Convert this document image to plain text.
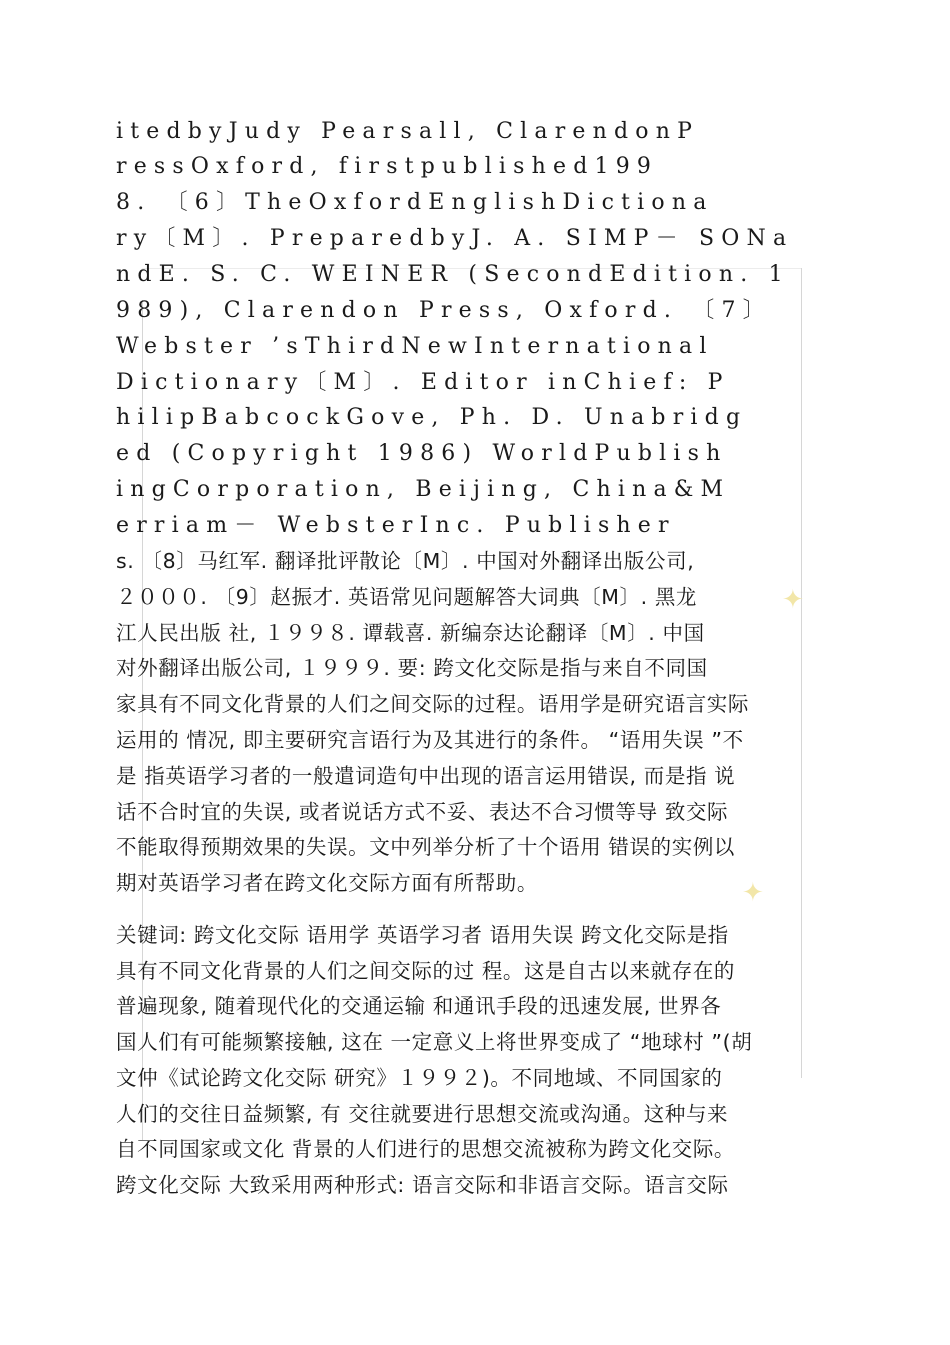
✦
✦
itedbyJudy Pearsall, ClarendonP
ressOxford, firstpublished199
8. 〔6〕TheOxfordEnglishDictiona
ry〔M〕. PreparedbyJ. A. SIMP－ SONa
ndE. S. C. WEINER (SecondEdition. 1
989), Clarendon Press, Oxford. 〔7〕
Webster ’sThirdNewInternational
Dictionary〔M〕. Editor inChief: P
hilipBabcockGove, Ph. D. Unabridg
ed (Copyright 1986) WorldPublish
ingCorporation, Beijing, China&M
erriam－ WebsterInc. Publisher
s. 〔8〕马红军. 翻译批评散论〔M〕. 中国对外翻译出版公司,
２０００. 〔9〕赵振才. 英语常见问题解答大词典〔M〕. 黑龙
江人民出版 社, １９９８. 谭载喜. 新编奈达论翻译〔M〕. 中国
对外翻译出版公司, １９９９. 要: 跨文化交际是指与来自不同国
家具有不同文化背景的人们之间交际的过程。语用学是研究语言实际
运用的 情况, 即主要研究言语行为及其进行的条件。 “语用失误 ”不
是 指英语学习者的一般遣词造句中出现的语言运用错误, 而是指 说
话不合时宜的失误, 或者说话方式不妥、表达不合习惯等导 致交际
不能取得预期效果的失误。文中列举分析了十个语用 错误的实例以
期对英语学习者在跨文化交际方面有所帮助。
关键词: 跨文化交际 语用学 英语学习者 语用失误 跨文化交际是指
具有不同文化背景的人们之间交际的过 程。这是自古以来就存在的
普遍现象, 随着现代化的交通运输 和通讯手段的迅速发展, 世界各
国人们有可能频繁接触, 这在 一定意义上将世界变成了 “地球村 ”(胡
文仲《试论跨文化交际 研究》１９９２)。不同地域、不同国家的
人们的交往日益频繁, 有 交往就要进行思想交流或沟通。这种与来
自不同国家或文化 背景的人们进行的思想交流被称为跨文化交际。
跨文化交际 大致采用两种形式: 语言交际和非语言交际。语言交际
